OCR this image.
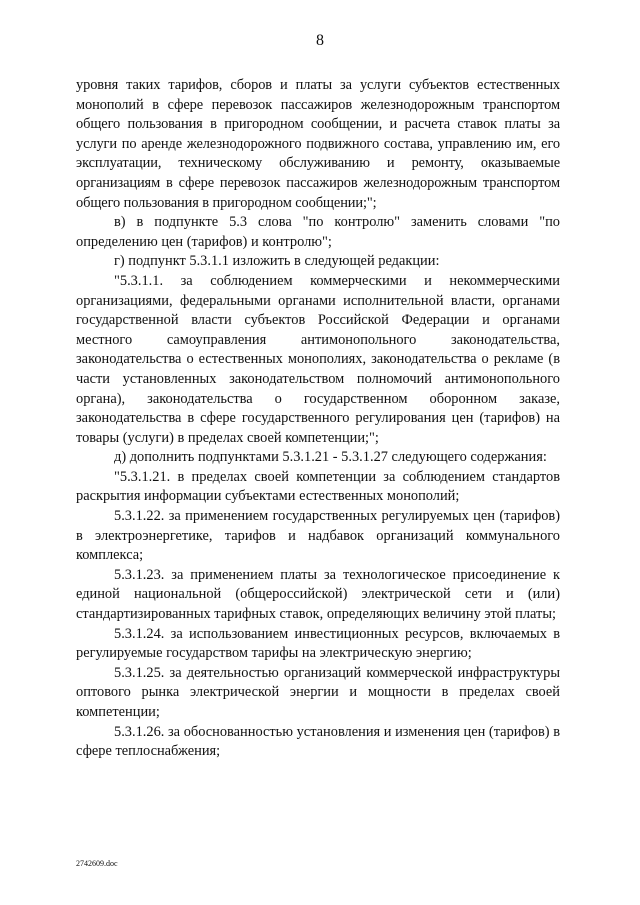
8

уровня таких тарифов, сборов и платы за услуги субъектов естественных монополий в сфере перевозок пассажиров железнодорожным транспортом общего пользования в пригородном сообщении, и расчета ставок платы за услуги по аренде железнодорожного подвижного состава, управлению им, его эксплуатации, техническому обслуживанию и ремонту, оказываемые организациям в сфере перевозок пассажиров железнодорожным транспортом общего пользования в пригородном сообщении;";

в) в подпункте 5.3 слова "по контролю" заменить словами "по определению цен (тарифов) и контролю";

г) подпункт 5.3.1.1 изложить в следующей редакции:

"5.3.1.1. за соблюдением коммерческими и некоммерческими организациями, федеральными органами исполнительной власти, органами государственной власти субъектов Российской Федерации и органами местного самоуправления антимонопольного законодательства, законодательства о естественных монополиях, законодательства о рекламе (в части установленных законодательством полномочий антимонопольного органа), законодательства о государственном оборонном заказе, законодательства в сфере государственного регулирования цен (тарифов) на товары (услуги) в пределах своей компетенции;";

д) дополнить подпунктами 5.3.1.21 - 5.3.1.27 следующего содержания:

"5.3.1.21. в пределах своей компетенции за соблюдением стандартов раскрытия информации субъектами естественных монополий;

5.3.1.22. за применением государственных регулируемых цен (тарифов) в электроэнергетике, тарифов и надбавок организаций коммунального комплекса;

5.3.1.23. за применением платы за технологическое присоединение к единой национальной (общероссийской) электрической сети и (или) стандартизированных тарифных ставок, определяющих величину этой платы;

5.3.1.24. за использованием инвестиционных ресурсов, включаемых в регулируемые государством тарифы на электрическую энергию;

5.3.1.25. за деятельностью организаций коммерческой инфраструктуры оптового рынка электрической энергии и мощности в пределах своей компетенции;

5.3.1.26. за обоснованностью установления и изменения цен (тарифов) в сфере теплоснабжения;

2742609.doc
